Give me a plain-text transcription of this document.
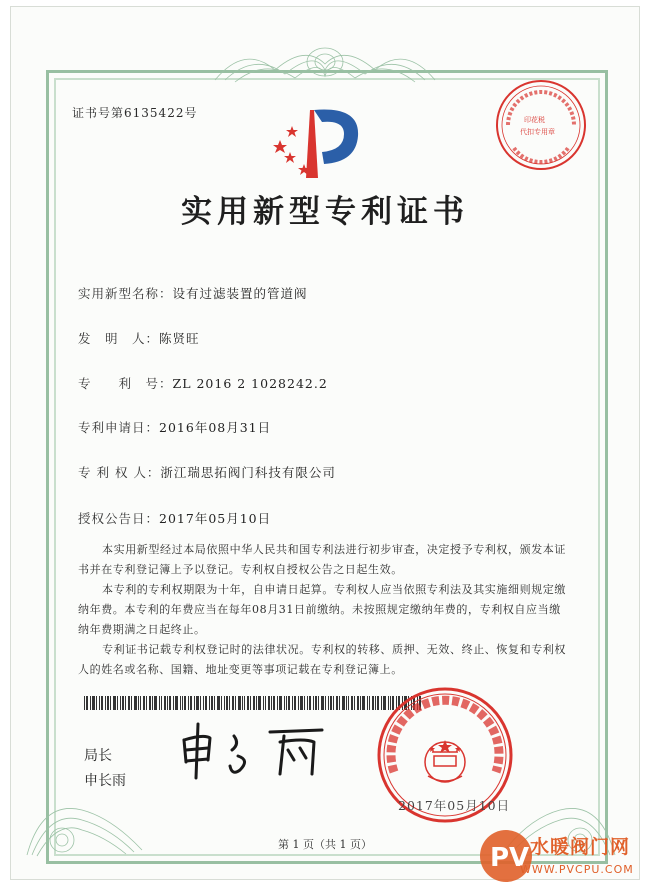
证书号第6135422号	印花税
代扣专用章
实用新型专利证书
实用新型名称：设有过滤装置的管道阀
发　明　人：陈贤旺
专　　利　号：ZL 2016 2 1028242.2
专利申请日：2016年08月31日
专 利 权 人：浙江瑞思拓阀门科技有限公司
授权公告日：2017年05月10日

本实用新型经过本局依照中华人民共和国专利法进行初步审查，决定授予专利权，颁发本证书并在专利登记簿上予以登记。专利权自授权公告之日起生效。

本专利的专利权期限为十年，自申请日起算。专利权人应当依照专利法及其实施细则规定缴纳年费。本专利的年费应当在每年08月31日前缴纳。未按照规定缴纳年费的，专利权自应当缴纳年费期满之日起终止。

专利证书记载专利权登记时的法律状况。专利权的转移、质押、无效、终止、恢复和专利权人的姓名或名称、国籍、地址变更等事项记载在专利登记簿上。

局长
申长雨
2017年05月10日
第 1 页（共 1 页）	PV 水暖阀门网
WWW.PVCPU.COM
